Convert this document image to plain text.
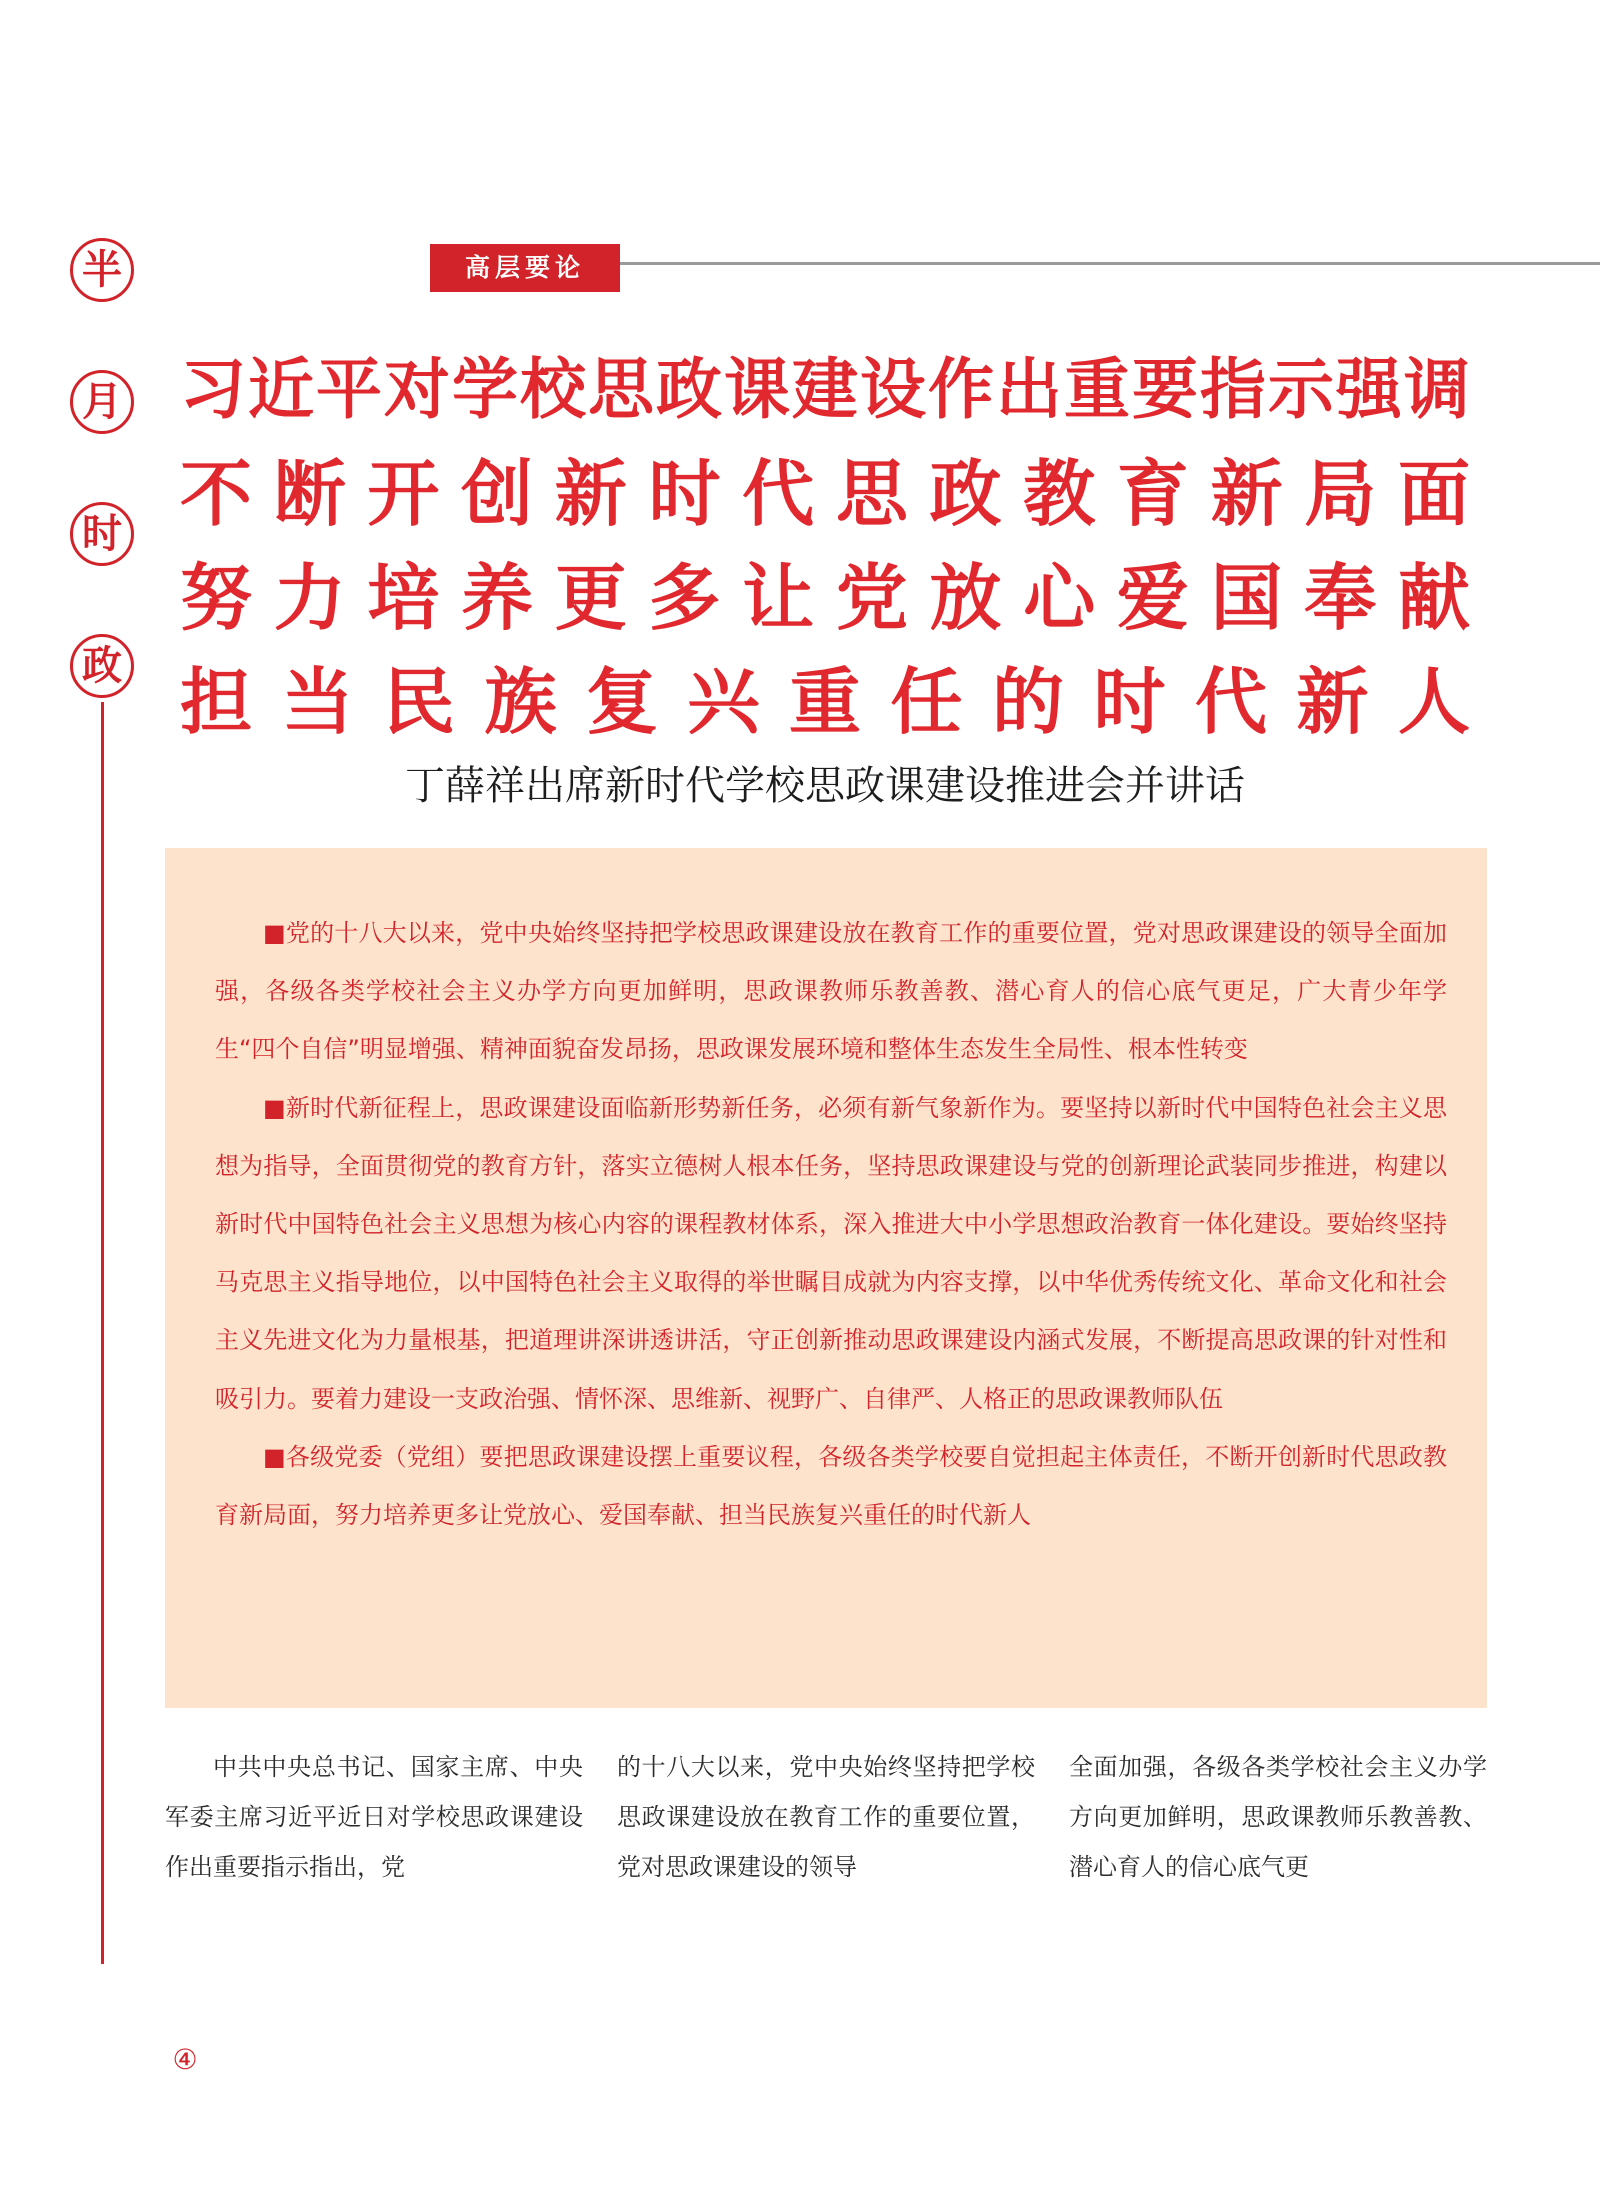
半
月
时
政
高层要论
习近平对学校思政课建设作出重要指示强调
不断开创新时代思政教育新局面
努力培养更多让党放心爱国奉献
担当民族复兴重任的时代新人
丁薛祥出席新时代学校思政课建设推进会并讲话

■党的十八大以来，党中央始终坚持把学校思政课建设放在教育工作的重要位置，党对思政课建设的领导全面加强，各级各类学校社会主义办学方向更加鲜明，思政课教师乐教善教、潜心育人的信心底气更足，广大青少年学生“四个自信”明显增强、精神面貌奋发昂扬，思政课发展环境和整体生态发生全局性、根本性转变

■新时代新征程上，思政课建设面临新形势新任务，必须有新气象新作为。要坚持以新时代中国特色社会主义思想为指导，全面贯彻党的教育方针，落实立德树人根本任务，坚持思政课建设与党的创新理论武装同步推进，构建以新时代中国特色社会主义思想为核心内容的课程教材体系，深入推进大中小学思想政治教育一体化建设。要始终坚持马克思主义指导地位，以中国特色社会主义取得的举世瞩目成就为内容支撑，以中华优秀传统文化、革命文化和社会主义先进文化为力量根基，把道理讲深讲透讲活，守正创新推动思政课建设内涵式发展，不断提高思政课的针对性和吸引力。要着力建设一支政治强、情怀深、思维新、视野广、自律严、人格正的思政课教师队伍

■各级党委（党组）要把思政课建设摆上重要议程，各级各类学校要自觉担起主体责任，不断开创新时代思政教育新局面，努力培养更多让党放心、爱国奉献、担当民族复兴重任的时代新人

中共中央总书记、国家主席、中央军委主席习近平近日对学校思政课建设作出重要指示指出，党

的十八大以来，党中央始终坚持把学校思政课建设放在教育工作的重要位置，党对思政课建设的领导

全面加强，各级各类学校社会主义办学方向更加鲜明，思政课教师乐教善教、潜心育人的信心底气更

④
